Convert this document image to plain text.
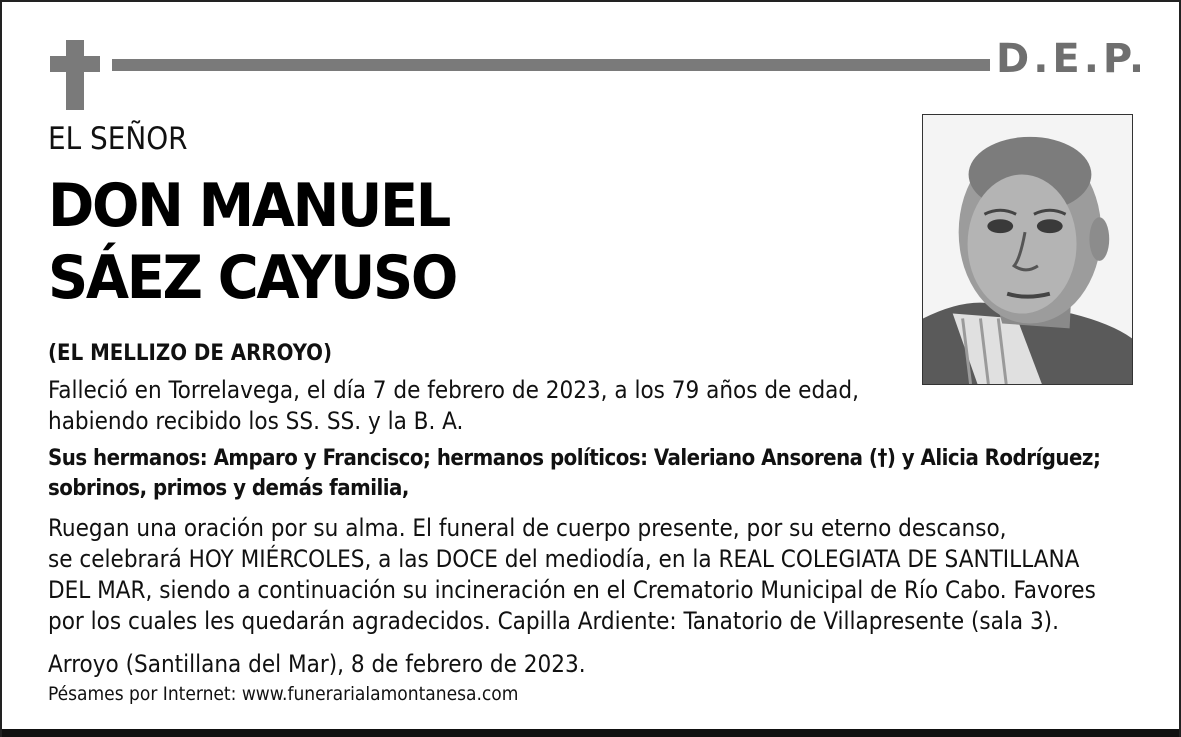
D.E.P.

EL SEÑOR

DON MANUEL
SÁEZ CAYUSO

(EL MELLIZO DE ARROYO)

Falleció en Torrelavega, el día 7 de febrero de 2023, a los 79 años de edad,
habiendo recibido los SS. SS. y la B. A.

Sus hermanos: Amparo y Francisco; hermanos políticos: Valeriano Ansorena (†) y Alicia Rodríguez;
sobrinos, primos y demás familia,

Ruegan una oración por su alma. El funeral de cuerpo presente, por su eterno descanso,
se celebrará HOY MIÉRCOLES, a las DOCE del mediodía, en la REAL COLEGIATA DE SANTILLANA
DEL MAR, siendo a continuación su incineración en el Crematorio Municipal de Río Cabo. Favores
por los cuales les quedarán agradecidos. Capilla Ardiente: Tanatorio de Villapresente (sala 3).

Arroyo (Santillana del Mar), 8 de febrero de 2023.

Pésames por Internet: www.funerarialamontanesa.com
